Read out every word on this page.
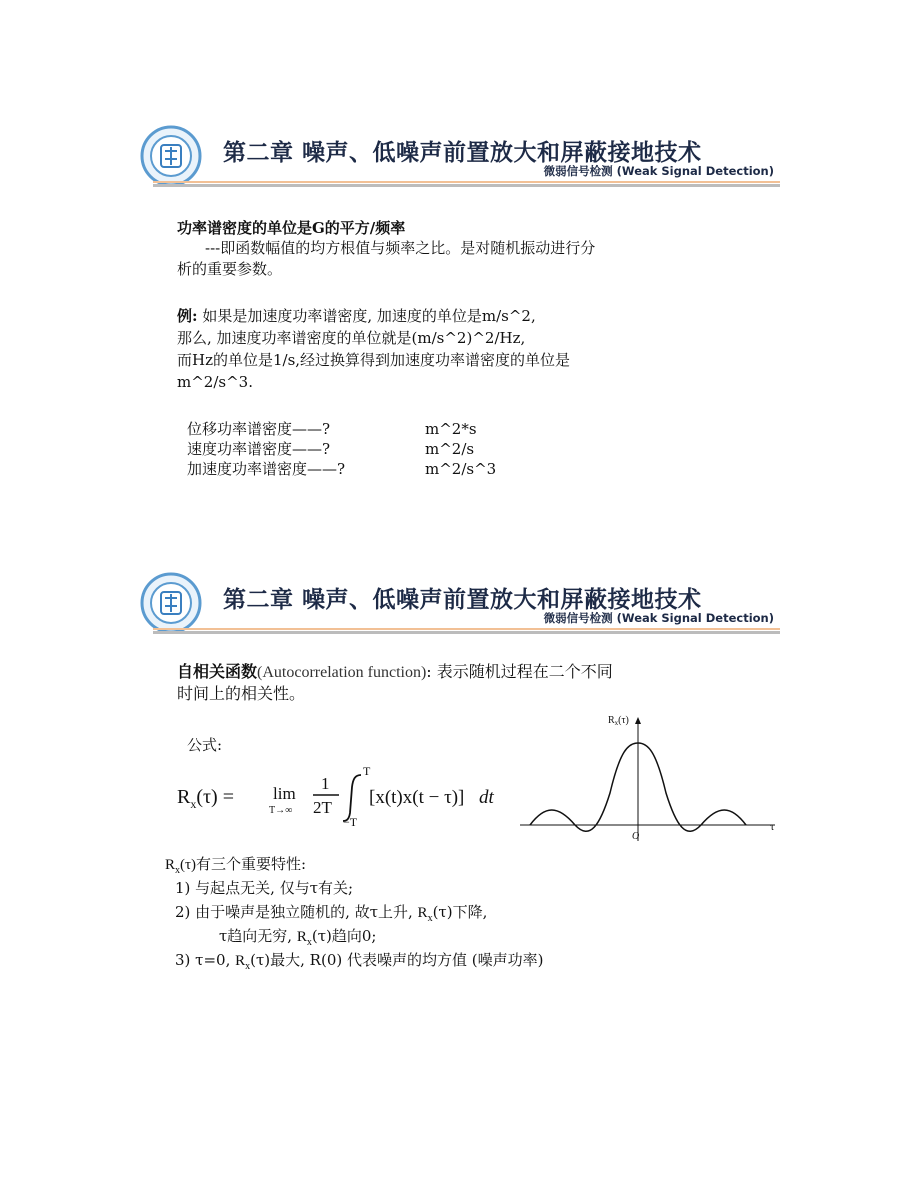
第二章 噪声、低噪声前置放大和屏蔽接地技术
微弱信号检测 (Weak Signal Detection)
功率谱密度的单位是G的平方/频率
---即函数幅值的均方根值与频率之比。是对随机振动进行分
析的重要参数。
例: 如果是加速度功率谱密度, 加速度的单位是m/s^2,
那么, 加速度功率谱密度的单位就是(m/s^2)^2/Hz,
而Hz的单位是1/s,经过换算得到加速度功率谱密度的单位是
m^2/s^3.
位移功率谱密度——?	m^2*s
速度功率谱密度——?	m^2/s
加速度功率谱密度——?	m^2/s^3
第二章 噪声、低噪声前置放大和屏蔽接地技术
微弱信号检测 (Weak Signal Detection)
自相关函数(Autocorrelation function): 表示随机过程在二个不同
时间上的相关性。
公式:
$R_x(\tau) = \lim$
T→∞
1
2T
T
−T
[x(t)x(t − τ)] dt
$R_x(\tau)$
O
τ
$R_x(\tau)$有三个重要特性:
1) 与起点无关, 仅与τ有关;
2) 由于噪声是独立随机的, 故τ上升, $R_x(\tau)$下降,
τ趋向无穷, $R_x(\tau)$趋向0;
3) τ=0, $R_x(\tau)$最大, R(0) 代表噪声的均方值 (噪声功率)
